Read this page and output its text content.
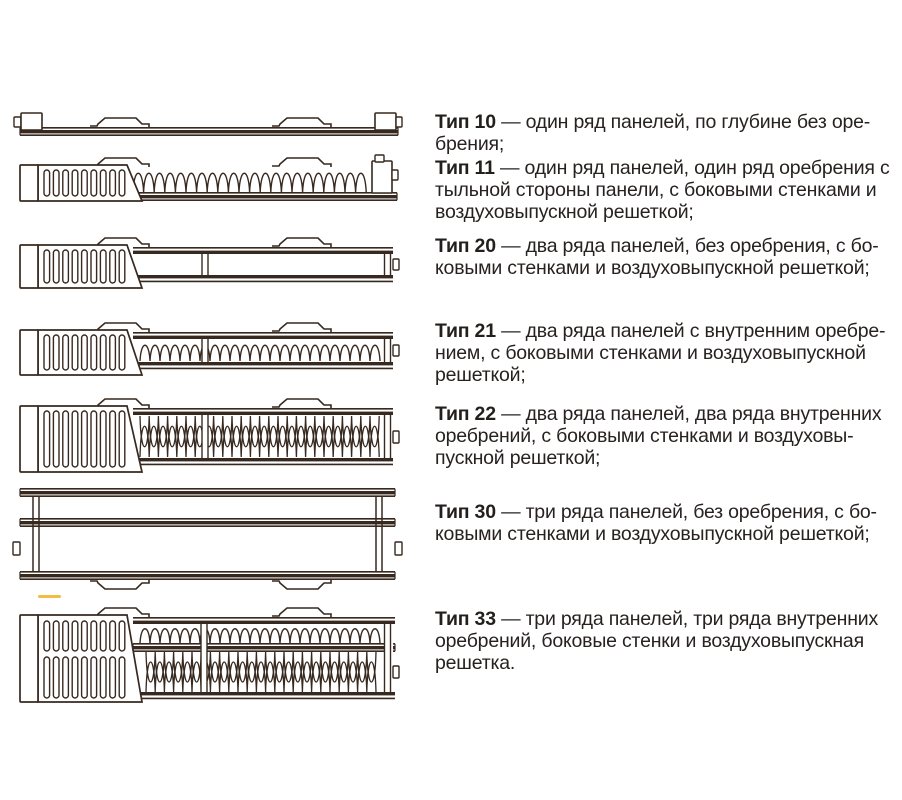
Тип 10 — один ряд панелей, по глубине без оре-
брения;

Тип 11 — один ряд панелей, один ряд оребрения с
тыльной стороны панели, с боковыми стенками и
воздуховыпускной решеткой;

Тип 20 — два ряда панелей, без оребрения, с бо-
ковыми стенками и воздуховыпускной решеткой;

Тип 21 — два ряда панелей с внутренним оребре-
нием, с боковыми стенками и воздуховыпускной
решеткой;

Тип 22 — два ряда панелей, два ряда внутренних
оребрений, с боковыми стенками и воздуховы-
пускной решеткой;

Тип 30 — три ряда панелей, без оребрения, с бо-
ковыми стенками и воздуховыпускной решеткой;

Тип 33 — три ряда панелей, три ряда внутренних
оребрений, боковые стенки и воздуховыпускная
решетка.
